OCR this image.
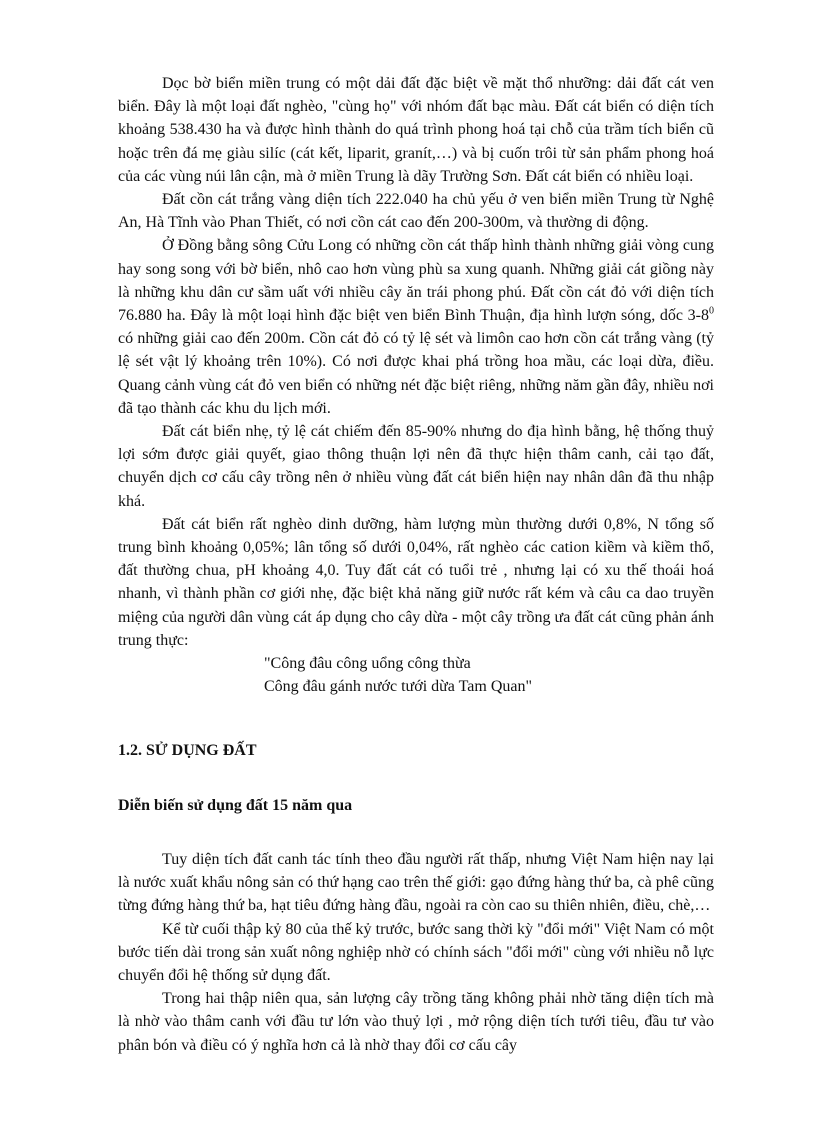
Dọc bờ biển miền trung có một dải đất đặc biệt về mặt thổ nhưỡng: dải đất cát ven biển. Đây là một loại đất nghèo, "cùng họ" với nhóm đất bạc màu. Đất cát biển có diện tích khoảng 538.430 ha và được hình thành do quá trình phong hoá tại chỗ của trầm tích biển cũ hoặc trên đá mẹ giàu silíc (cát kết, liparit, granít,…) và bị cuốn trôi từ sản phẩm phong hoá của các vùng núi lân cận, mà ở miền Trung là dãy Trường Sơn. Đất cát biển có nhiều loại.

Đất cồn cát trắng vàng diện tích 222.040 ha chủ yếu ở ven biển miền Trung từ Nghệ An, Hà Tĩnh vào Phan Thiết, có nơi cồn cát cao đến 200-300m, và thường di động.

Ở Đồng bằng sông Cửu Long có những cồn cát thấp hình thành những giải vòng cung hay song song với bờ biển, nhô cao hơn vùng phù sa xung quanh. Những giải cát giồng này là những khu dân cư sầm uất với nhiều cây ăn trái phong phú. Đất cồn cát đỏ với diện tích 76.880 ha. Đây là một loại hình đặc biệt ven biển Bình Thuận, địa hình lượn sóng, dốc $3-8^0$ có những giải cao đến 200m. Cồn cát đỏ có tỷ lệ sét và limôn cao hơn cồn cát trắng vàng (tỷ lệ sét vật lý khoảng trên 10%). Có nơi được khai phá trồng hoa mầu, các loại dừa, điều. Quang cảnh vùng cát đỏ ven biển có những nét đặc biệt riêng, những năm gần đây, nhiều nơi đã tạo thành các khu du lịch mới.

Đất cát biển nhẹ, tỷ lệ cát chiếm đến 85-90% nhưng do địa hình bằng, hệ thống thuỷ lợi sớm được giải quyết, giao thông thuận lợi nên đã thực hiện thâm canh, cải tạo đất, chuyển dịch cơ cấu cây trồng nên ở nhiều vùng đất cát biển hiện nay nhân dân đã thu nhập khá.

Đất cát biển rất nghèo dinh dưỡng, hàm lượng mùn thường dưới 0,8%, N tổng số trung bình khoảng 0,05%; lân tổng số dưới 0,04%, rất nghèo các cation kiềm và kiềm thổ, đất thường chua, pH khoảng 4,0. Tuy đất cát có tuổi trẻ , nhưng lại có xu thế thoái hoá nhanh, vì thành phần cơ giới nhẹ, đặc biệt khả năng giữ nước rất kém và câu ca dao truyền miệng của người dân vùng cát áp dụng cho cây dừa - một cây trồng ưa đất cát cũng phản ánh trung thực:

"Công đâu công uổng công thừa

Công đâu gánh nước tưới dừa Tam Quan"

1.2. SỬ DỤNG ĐẤT
Diễn biến sử dụng đất 15 năm qua

Tuy diện tích đất canh tác tính theo đầu người rất thấp, nhưng Việt Nam hiện nay lại là nước xuất khẩu nông sản có thứ hạng cao trên thế giới: gạo đứng hàng thứ ba, cà phê cũng từng đứng hàng thứ ba, hạt tiêu đứng hàng đầu, ngoài ra còn cao su thiên nhiên, điều, chè,…

Kể từ cuối thập kỷ 80 của thế kỷ trước, bước sang thời kỳ "đổi mới" Việt Nam có một bước tiến dài trong sản xuất nông nghiệp nhờ có chính sách "đổi mới" cùng với nhiều nỗ lực chuyển đổi hệ thống sử dụng đất.

Trong hai thập niên qua, sản lượng cây trồng tăng không phải nhờ tăng diện tích mà là nhờ vào thâm canh với đầu tư lớn vào thuỷ lợi , mở rộng diện tích tưới tiêu, đầu tư vào phân bón và điều có ý nghĩa hơn cả là nhờ thay đổi cơ cấu cây
